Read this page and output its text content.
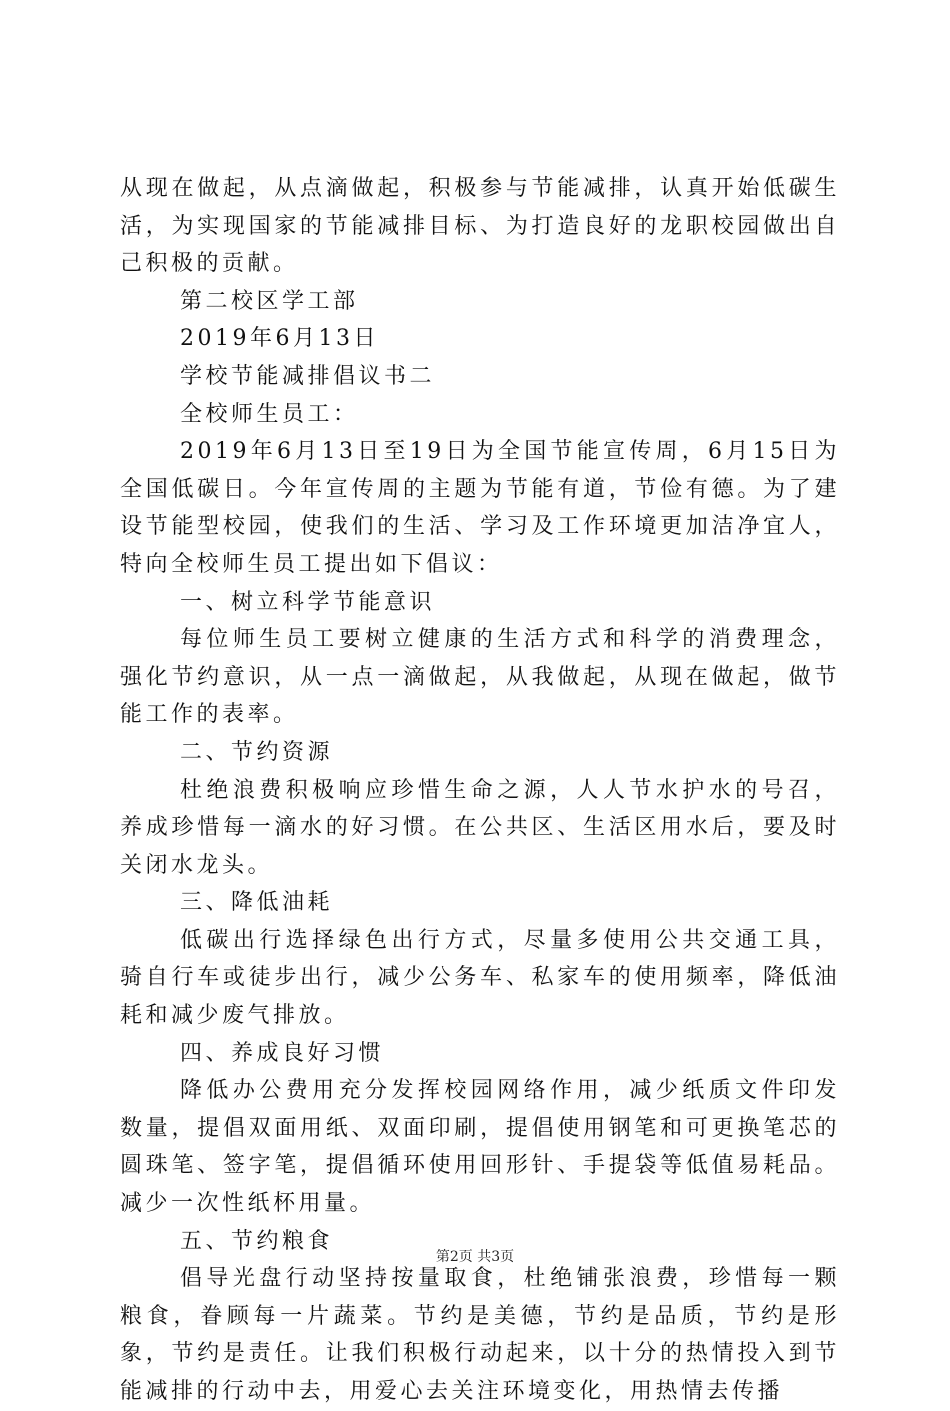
从现在做起，从点滴做起，积极参与节能减排，认真开始低碳生活，为实现国家的节能减排目标、为打造良好的龙职校园做出自己积极的贡献。

第二校区学工部

2019年6月13日

学校节能减排倡议书二

全校师生员工：

2019年6月13日至19日为全国节能宣传周，6月15日为全国低碳日。今年宣传周的主题为节能有道，节俭有德。为了建设节能型校园，使我们的生活、学习及工作环境更加洁净宜人，特向全校师生员工提出如下倡议：

一、树立科学节能意识

每位师生员工要树立健康的生活方式和科学的消费理念，强化节约意识，从一点一滴做起，从我做起，从现在做起，做节能工作的表率。

二、节约资源

杜绝浪费积极响应珍惜生命之源，人人节水护水的号召，养成珍惜每一滴水的好习惯。在公共区、生活区用水后，要及时关闭水龙头。

三、降低油耗

低碳出行选择绿色出行方式，尽量多使用公共交通工具，骑自行车或徒步出行，减少公务车、私家车的使用频率，降低油耗和减少废气排放。

四、养成良好习惯

降低办公费用充分发挥校园网络作用，减少纸质文件印发数量，提倡双面用纸、双面印刷，提倡使用钢笔和可更换笔芯的圆珠笔、签字笔，提倡循环使用回形针、手提袋等低值易耗品。减少一次性纸杯用量。

五、节约粮食

倡导光盘行动坚持按量取食，杜绝铺张浪费，珍惜每一颗粮食，眷顾每一片蔬菜。节约是美德，节约是品质，节约是形象，节约是责任。让我们积极行动起来，以十分的热情投入到节能减排的行动中去，用爱心去关注环境变化，用热情去传播

第2页 共3页
